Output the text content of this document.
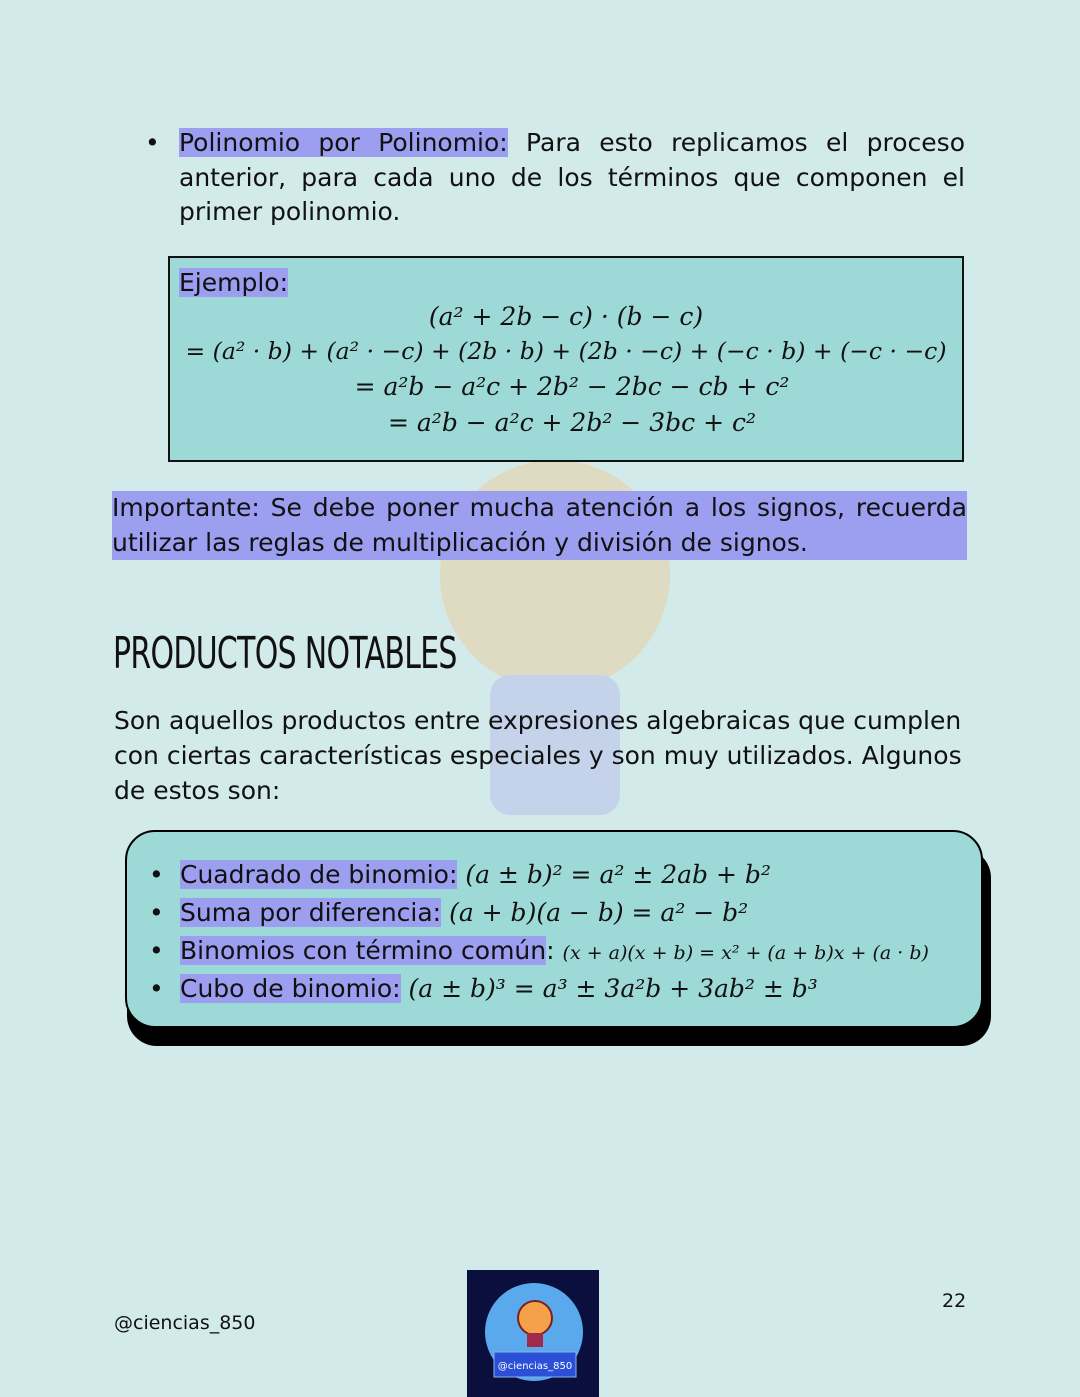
• Polinomio por Polinomio: Para esto replicamos el proceso anterior, para cada uno de los términos que componen el primer polinomio.
Ejemplo:
(a² + 2b − c) · (b − c)
= (a² · b) + (a² · −c) + (2b · b) + (2b · −c) + (−c · b) + (−c · −c)
= a²b − a²c + 2b² − 2bc − cb + c²
= a²b − a²c + 2b² − 3bc + c²
Importante: Se debe poner mucha atención a los signos, recuerda utilizar las reglas de multiplicación y división de signos.
PRODUCTOS NOTABLES
Son aquellos productos entre expresiones algebraicas que cumplen con ciertas características especiales y son muy utilizados. Algunos de estos son:
• Cuadrado de binomio: (a ± b)² = a² ± 2ab + b²
• Suma por diferencia: (a + b)(a − b) = a² − b²
• Binomios con término común: (x + a)(x + b) = x² + (a + b)x + (a · b)
• Cubo de binomio: (a ± b)³ = a³ ± 3a²b + 3ab² ± b³
@ciencias_850
22
@ciencias_850
